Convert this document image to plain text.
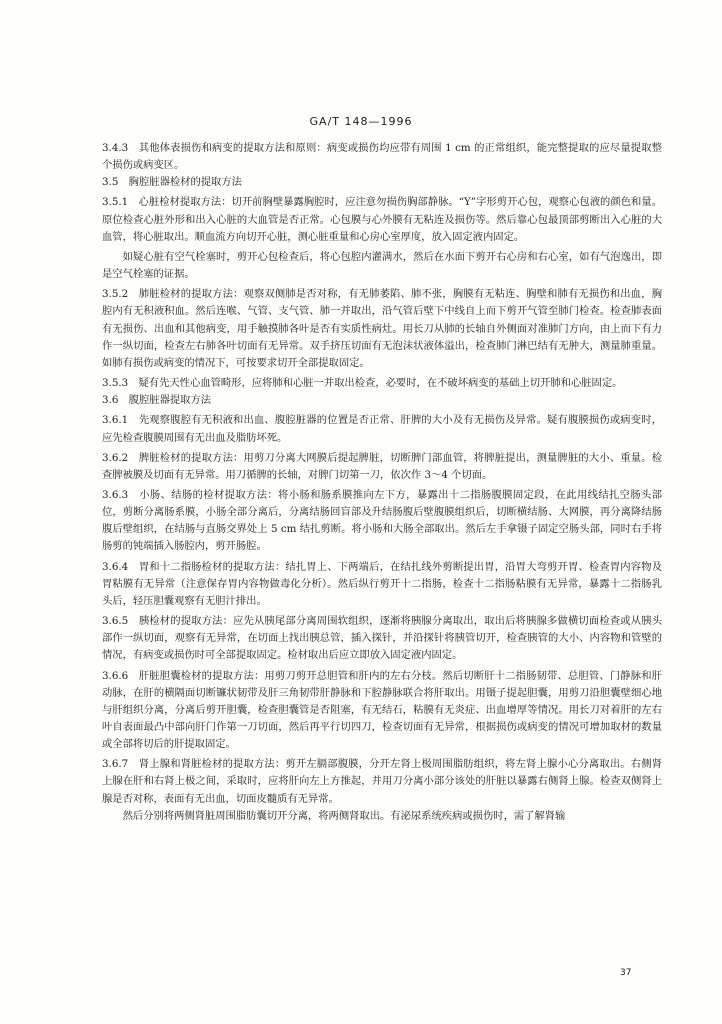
GA/T 148—1996

3.4.3　其他体表损伤和病变的提取方法和原则：病变或损伤均应带有周围 1 cm 的正常组织，能完整提取的应尽量提取整个损伤或病变区。

3.5　胸腔脏器检材的提取方法

3.5.1　心脏检材提取方法：切开前胸壁暴露胸腔时，应注意勿损伤胸部静脉。“Y”字形剪开心包，观察心包液的颜色和量。原位检查心脏外形和出入心脏的大血管是否正常。心包膜与心外膜有无粘连及损伤等。然后靠心包最顶部剪断出入心脏的大血管，将心脏取出。顺血流方向切开心脏，测心脏重量和心房心室厚度，放入固定液内固定。

如疑心脏有空气栓塞时，剪开心包检查后，将心包腔内灌满水，然后在水面下剪开右心房和右心室，如有气泡逸出，即是空气栓塞的证据。

3.5.2　肺脏检材的提取方法：观察双侧肺是否对称，有无肺萎陷、肺不张，胸膜有无粘连、胸壁和肺有无损伤和出血，胸腔内有无积液积血。然后连喉、气管、支气管、肺一并取出，沿气管后壁下中线自上而下剪开气管至肺门检查。检查肺表面有无损伤、出血和其他病变，用手触摸肺各叶是否有实质性病灶。用长刀从肺的长轴自外侧面对准肺门方向，由上而下有力作一纵切面，检查左右肺各叶切面有无异常。双手挤压切面有无泡沫状液体溢出，检查肺门淋巴结有无肿大，测量肺重量。如肺有损伤或病变的情况下，可按要求切开全部提取固定。

3.5.3　疑有先天性心血管畸形，应将肺和心脏一并取出检查，必要时，在不破坏病变的基础上切开肺和心脏固定。

3.6　腹腔脏器提取方法

3.6.1　先观察腹腔有无积液和出血、腹腔脏器的位置是否正常、肝脾的大小及有无损伤及异常。疑有腹膜损伤或病变时，应先检查腹膜周围有无出血及脂肪坏死。

3.6.2　脾脏检材的提取方法：用剪刀分离大网膜后提起脾脏，切断脾门部血管，将脾脏提出，测量脾脏的大小、重量。检查脾被膜及切面有无异常。用刀循脾的长轴，对脾门切第一刀，依次作 3～4 个切面。

3.6.3　小肠、结肠的检材提取方法：将小肠和肠系膜推向左下方，暴露出十二指肠腹膜固定段，在此用线结扎空肠头部位，剪断分离肠系膜，小肠全部分离后，分离结肠回盲部及升结肠腹后壁腹膜组织后，切断横结肠、大网膜，再分离降结肠腹后壁组织，在结肠与直肠交界处上 5 cm 结扎剪断。将小肠和大肠全部取出。然后左手拿镊子固定空肠头部，同时右手将肠剪的钝端插入肠腔内，剪开肠腔。

3.6.4　胃和十二指肠检材的提取方法：结扎胃上、下两端后，在结扎线外剪断提出胃，沿胃大弯剪开胃、检查胃内容物及胃粘膜有无异常（注意保存胃内容物做毒化分析）。然后纵行剪开十二指肠，检查十二指肠粘膜有无异常，暴露十二指肠乳头后，轻压胆囊观察有无胆汁排出。

3.6.5　胰检材的提取方法：应先从胰尾部分离周围软组织，逐渐将胰腺分离取出，取出后将胰腺多做横切面检查或从胰头部作一纵切面，观察有无异常，在切面上找出胰总管，插入探针，并沿探针将胰管切开，检查胰管的大小、内容物和管壁的情况，有病变或损伤时可全部提取固定。检材取出后应立即放入固定液内固定。

3.6.6　肝脏胆囊检材的提取方法：用剪刀剪开总胆管和肝内的左右分枝。然后切断肝十二指肠韧带、总胆管、门静脉和肝动脉，在肝的横隔面切断镰状韧带及肝三角韧带肝静脉和下腔静脉联合将肝取出。用镊子提起胆囊，用剪刀沿胆囊壁细心地与肝组织分离，分离后剪开胆囊，检查胆囊管是否阻塞，有无结石，粘膜有无炎症、出血增厚等情况。用长刀对着肝的左右叶自表面最凸中部向肝门作第一刀切面，然后再平行切四刀，检查切面有无异常，根据损伤或病变的情况可增加取材的数量或全部将切后的肝提取固定。

3.6.7　肾上腺和肾脏检材的提取方法：剪开左膈部腹膜，分开左肾上极周围脂肪组织，将左肾上腺小心分离取出。右侧肾上腺在肝和右肾上极之间，采取时，应将肝向左上方推起，并用刀分离小部分该处的肝脏以暴露右侧肾上腺。检查双侧肾上腺是否对称，表面有无出血，切面皮髓质有无异常。

然后分别将两侧肾脏周围脂肪囊切开分离，将两侧肾取出。有泌尿系统疾病或损伤时，需了解肾输

37
